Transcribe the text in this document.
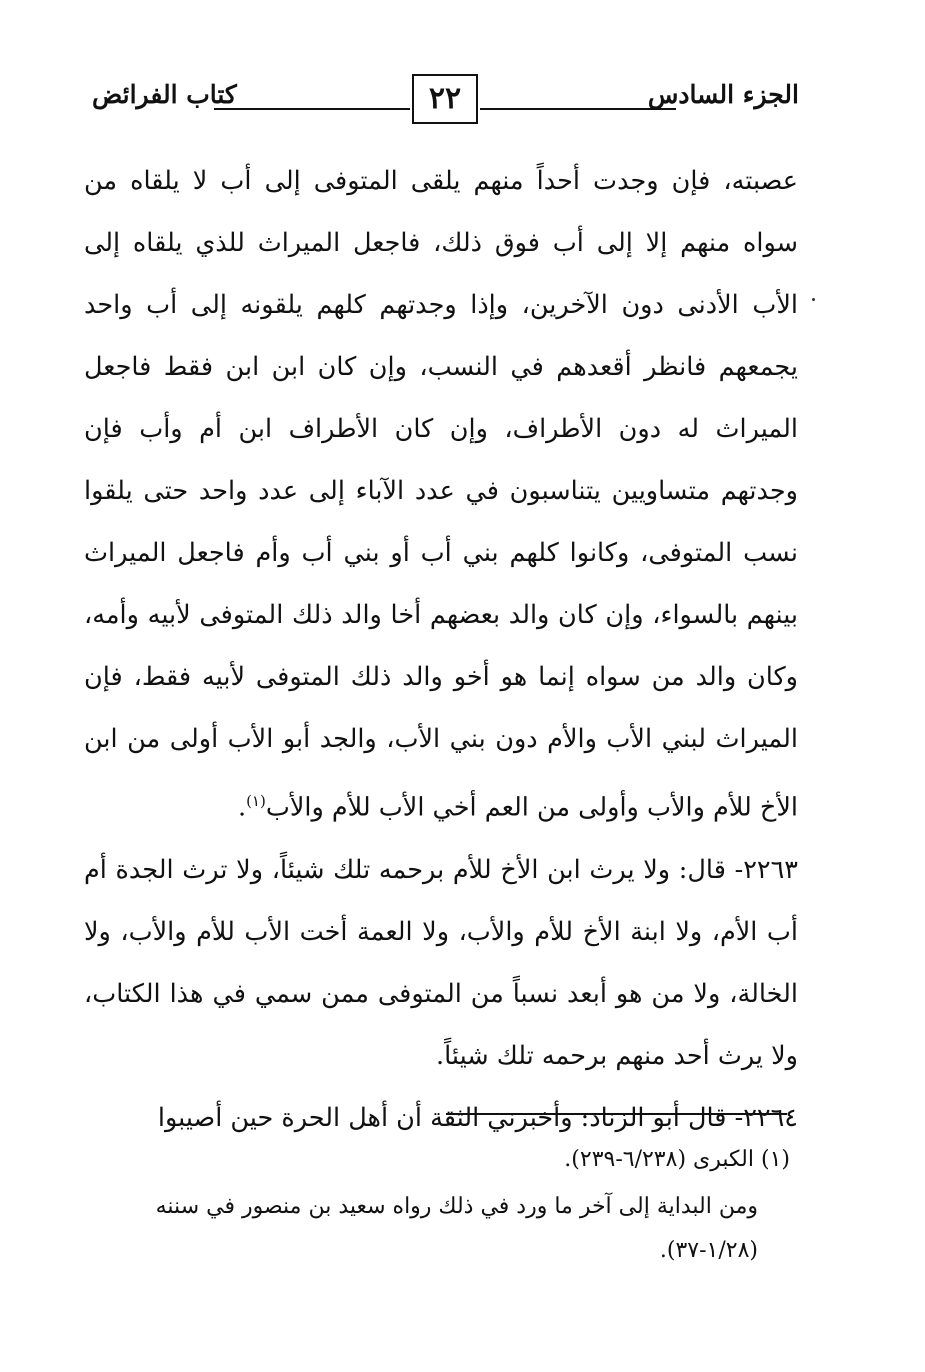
الجزء السادس
٢٢
كتاب الفرائض

عصبته، فإن وجدت أحداً منهم يلقى المتوفى إلى أب لا يلقاه من سواه منهم إلا إلى أب فوق ذلك، فاجعل الميراث للذي يلقاه إلى الأب الأدنى دون الآخرين، وإذا وجدتهم كلهم يلقونه إلى أب واحد يجمعهم فانظر أقعدهم في النسب، وإن كان ابن ابن فقط فاجعل الميراث له دون الأطراف، وإن كان الأطراف ابن أم وأب فإن وجدتهم متساويين يتناسبون في عدد الآباء إلى عدد واحد حتى يلقوا نسب المتوفى، وكانوا كلهم بني أب أو بني أب وأم فاجعل الميراث بينهم بالسواء، وإن كان والد بعضهم أخا والد ذلك المتوفى لأبيه وأمه، وكان والد من سواه إنما هو أخو والد ذلك المتوفى لأبيه فقط، فإن الميراث لبني الأب والأم دون بني الأب، والجد أبو الأب أولى من ابن الأخ للأم والأب وأولى من العم أخي الأب للأم والأب$^{(١)}$.

٢٢٦٣- قال: ولا يرث ابن الأخ للأم برحمه تلك شيئاً، ولا ترث الجدة أم أب الأم، ولا ابنة الأخ للأم والأب، ولا العمة أخت الأب للأم والأب، ولا الخالة، ولا من هو أبعد نسباً من المتوفى ممن سمي في هذا الكتاب، ولا يرث أحد منهم برحمه تلك شيئاً.

٢٢٦٤- قال أبو الزناد: وأخبرني الثقة أن أهل الحرة حين أصيبوا

(١) الكبرى (٦/٢٣٨-٢٣٩).

ومن البداية إلى آخر ما ورد في ذلك رواه سعيد بن منصور في سننه
(١/٢٨-٣٧).
